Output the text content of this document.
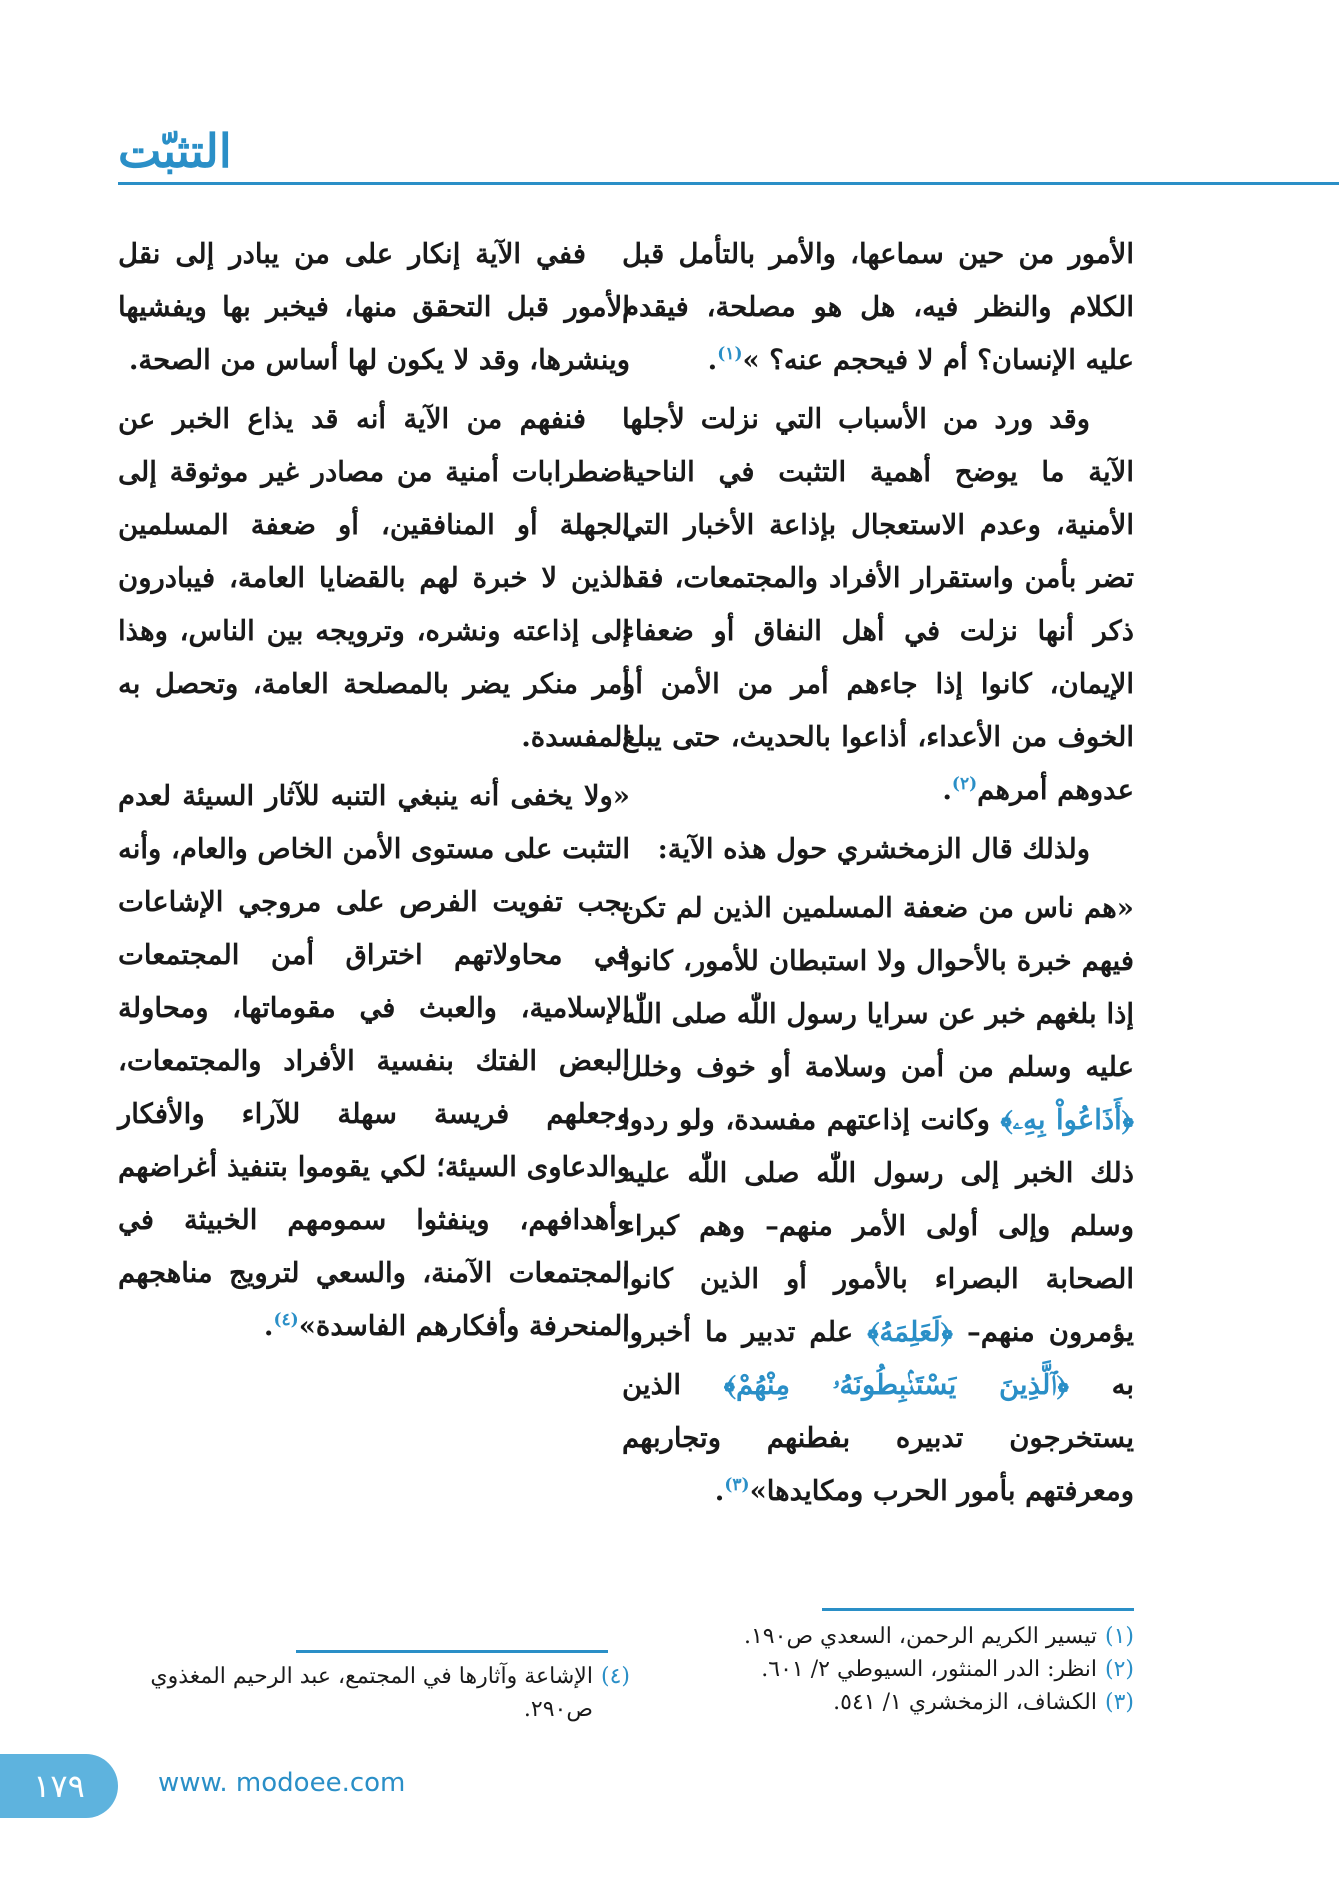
التثبّت

الأمور من حين سماعها، والأمر بالتأمل قبل الكلام والنظر فيه، هل هو مصلحة، فيقدم عليه الإنسان؟ أم لا فيحجم عنه؟ »$^{(١)}$.

وقد ورد من الأسباب التي نزلت لأجلها الآية ما يوضح أهمية التثبت في الناحية الأمنية، وعدم الاستعجال بإذاعة الأخبار التي تضر بأمن واستقرار الأفراد والمجتمعات، فقد ذكر أنها نزلت في أهل النفاق أو ضعفاء الإيمان، كانوا إذا جاءهم أمر من الأمن أو الخوف من الأعداء، أذاعوا بالحديث، حتى يبلغ عدوهم أمرهم$^{(٢)}$.

ولذلك قال الزمخشري حول هذه الآية:

«هم ناس من ضعفة المسلمين الذين لم تكن فيهم خبرة بالأحوال ولا استبطان للأمور، كانوا إذا بلغهم خبر عن سرايا رسول اللّٰه صلى اللّٰه عليه وسلم من أمن وسلامة أو خوف وخلل ﴿أَذَاعُواْ بِهِۦ﴾ وكانت إذاعتهم مفسدة، ولو ردوا ذلك الخبر إلى رسول اللّٰه صلى اللّٰه عليه وسلم وإلى أولى الأمر منهم– وهم كبراء الصحابة البصراء بالأمور أو الذين كانوا يؤمرون منهم– ﴿لَعَلِمَهُ﴾ علم تدبير ما أخبروا به ﴿ٱلَّذِينَ يَسْتَنۢبِطُونَهُۥ مِنْهُمْ﴾ الذين يستخرجون تدبيره بفطنهم وتجاربهم ومعرفتهم بأمور الحرب ومكايدها»$^{(٣)}$.

ففي الآية إنكار على من يبادر إلى نقل الأمور قبل التحقق منها، فيخبر بها ويفشيها وينشرها، وقد لا يكون لها أساس من الصحة.

فنفهم من الآية أنه قد يذاع الخبر عن اضطرابات أمنية من مصادر غير موثوقة إلى الجهلة أو المنافقين، أو ضعفة المسلمين الذين لا خبرة لهم بالقضايا العامة، فيبادرون إلى إذاعته ونشره، وترويجه بين الناس، وهذا أمر منكر يضر بالمصلحة العامة، وتحصل به المفسدة.

«ولا يخفى أنه ينبغي التنبه للآثار السيئة لعدم التثبت على مستوى الأمن الخاص والعام، وأنه يجب تفويت الفرص على مروجي الإشاعات في محاولاتهم اختراق أمن المجتمعات الإسلامية، والعبث في مقوماتها، ومحاولة البعض الفتك بنفسية الأفراد والمجتمعات، وجعلهم فريسة سهلة للآراء والأفكار والدعاوى السيئة؛ لكي يقوموا بتنفيذ أغراضهم وأهدافهم، وينفثوا سمومهم الخبيثة في المجتمعات الآمنة، والسعي لترويج مناهجهم المنحرفة وأفكارهم الفاسدة»$^{(٤)}$.

(١)
تيسير الكريم الرحمن، السعدي ص١٩٠.
(٢)
انظر: الدر المنثور، السيوطي ٢/ ٦٠١.
(٣)
الكشاف، الزمخشري ١/ ٥٤١.
(٤)
الإشاعة وآثارها في المجتمع، عبد الرحيم المغذوي ص٢٩٠.
١٧٩	www. modoee.com
